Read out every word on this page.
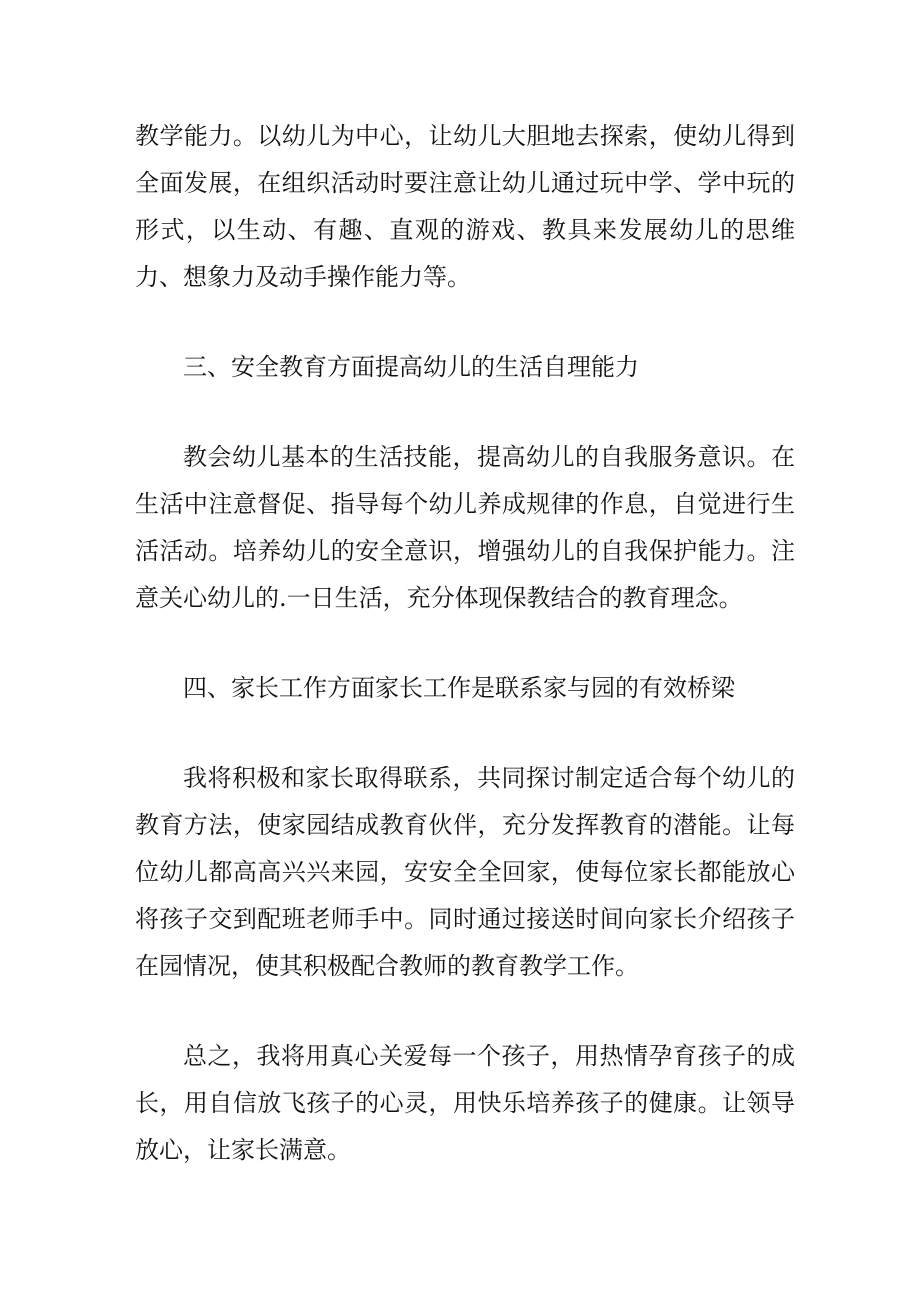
教学能力。以幼儿为中心，让幼儿大胆地去探索，使幼儿得到全面发展，在组织活动时要注意让幼儿通过玩中学、学中玩的形式，以生动、有趣、直观的游戏、教具来发展幼儿的思维力、想象力及动手操作能力等。

三、安全教育方面提高幼儿的生活自理能力

教会幼儿基本的生活技能，提高幼儿的自我服务意识。在生活中注意督促、指导每个幼儿养成规律的作息，自觉进行生活活动。培养幼儿的安全意识，增强幼儿的自我保护能力。注意关心幼儿的.一日生活，充分体现保教结合的教育理念。

四、家长工作方面家长工作是联系家与园的有效桥梁

我将积极和家长取得联系，共同探讨制定适合每个幼儿的教育方法，使家园结成教育伙伴，充分发挥教育的潜能。让每位幼儿都高高兴兴来园，安安全全回家，使每位家长都能放心将孩子交到配班老师手中。同时通过接送时间向家长介绍孩子在园情况，使其积极配合教师的教育教学工作。

总之，我将用真心关爱每一个孩子，用热情孕育孩子的成长，用自信放飞孩子的心灵，用快乐培养孩子的健康。让领导放心，让家长满意。
